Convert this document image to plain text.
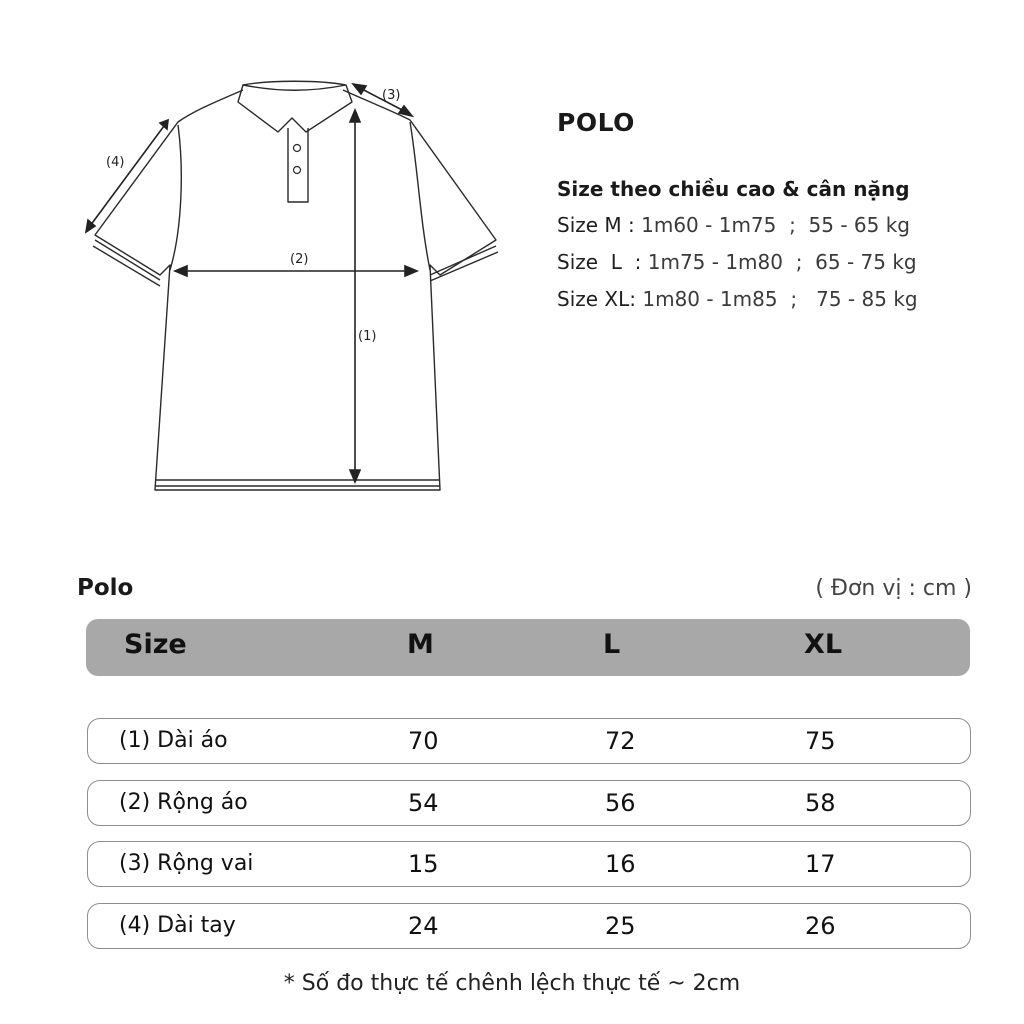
(1)
(2)
(3)
(4)
POLO
Size theo chiều cao & cân nặng
Size M : 1m60 - 1m75  ;  55 - 65 kg
Size  L  : 1m75 - 1m80  ;  65 - 75 kg
Size XL: 1m80 - 1m85  ;   75 - 85 kg
Polo	( Đơn vị : cm )
Size	M	L	XL
(1) Dài áo	70	72	75
(2) Rộng áo	54	56	58
(3) Rộng vai	15	16	17
(4) Dài tay	24	25	26
* Số đo thực tế chênh lệch thực tế ~ 2cm
